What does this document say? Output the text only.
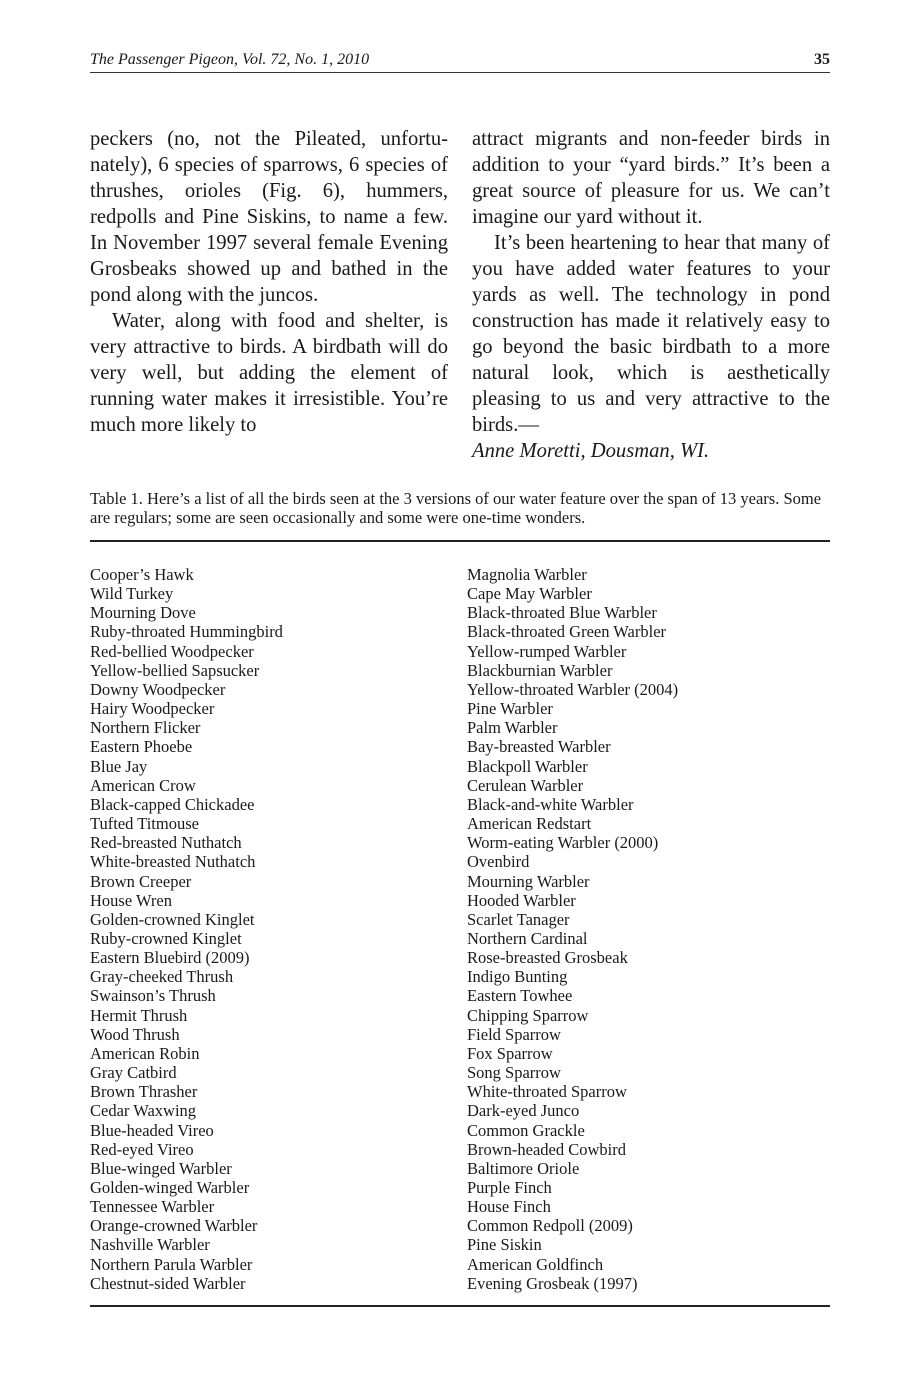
The Passenger Pigeon, Vol. 72, No. 1, 2010	35

peckers (no, not the Pileated, unfortunately), 6 species of sparrows, 6 species of thrushes, orioles (Fig. 6), hummers, redpolls and Pine Siskins, to name a few. In November 1997 several female Evening Grosbeaks showed up and bathed in the pond along with the juncos.

Water, along with food and shelter, is very attractive to birds. A birdbath will do very well, but adding the element of running water makes it irresistible. You’re much more likely to

attract migrants and non-feeder birds in addition to your “yard birds.” It’s been a great source of pleasure for us. We can’t imagine our yard without it.

It’s been heartening to hear that many of you have added water features to your yards as well. The technology in pond construction has made it relatively easy to go beyond the basic birdbath to a more natural look, which is aesthetically pleasing to us and very attractive to the birds.—
Anne Moretti, Dousman, WI.

Table 1. Here’s a list of all the birds seen at the 3 versions of our water feature over the span of 13 years. Some are regulars; some are seen occasionally and some were one-time wonders.
Cooper’s Hawk
Wild Turkey
Mourning Dove
Ruby-throated Hummingbird
Red-bellied Woodpecker
Yellow-bellied Sapsucker
Downy Woodpecker
Hairy Woodpecker
Northern Flicker
Eastern Phoebe
Blue Jay
American Crow
Black-capped Chickadee
Tufted Titmouse
Red-breasted Nuthatch
White-breasted Nuthatch
Brown Creeper
House Wren
Golden-crowned Kinglet
Ruby-crowned Kinglet
Eastern Bluebird (2009)
Gray-cheeked Thrush
Swainson’s Thrush
Hermit Thrush
Wood Thrush
American Robin
Gray Catbird
Brown Thrasher
Cedar Waxwing
Blue-headed Vireo
Red-eyed Vireo
Blue-winged Warbler
Golden-winged Warbler
Tennessee Warbler
Orange-crowned Warbler
Nashville Warbler
Northern Parula Warbler
Chestnut-sided Warbler
Magnolia Warbler
Cape May Warbler
Black-throated Blue Warbler
Black-throated Green Warbler
Yellow-rumped Warbler
Blackburnian Warbler
Yellow-throated Warbler (2004)
Pine Warbler
Palm Warbler
Bay-breasted Warbler
Blackpoll Warbler
Cerulean Warbler
Black-and-white Warbler
American Redstart
Worm-eating Warbler (2000)
Ovenbird
Mourning Warbler
Hooded Warbler
Scarlet Tanager
Northern Cardinal
Rose-breasted Grosbeak
Indigo Bunting
Eastern Towhee
Chipping Sparrow
Field Sparrow
Fox Sparrow
Song Sparrow
White-throated Sparrow
Dark-eyed Junco
Common Grackle
Brown-headed Cowbird
Baltimore Oriole
Purple Finch
House Finch
Common Redpoll (2009)
Pine Siskin
American Goldfinch
Evening Grosbeak (1997)
